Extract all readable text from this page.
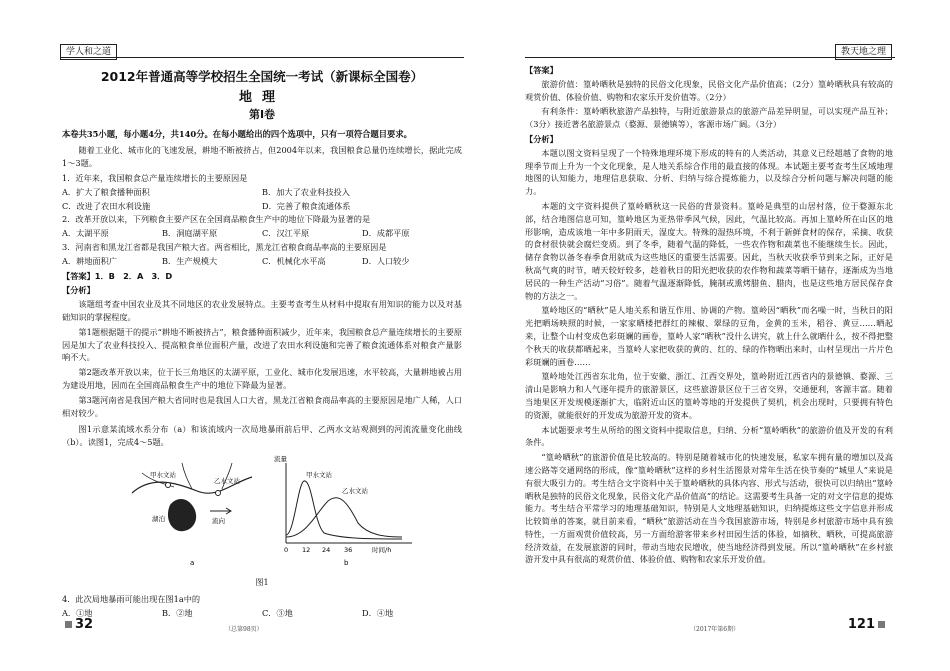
学人和之道	教天地之理
2012年普通高等学校招生全国统一考试（新课标全国卷）
地理
第Ⅰ卷
本卷共35小题，每小题4分，共140分。在每小题给出的四个选项中，只有一项符合题目要求。

随着工业化、城市化的飞速发展，耕地不断被挤占，但2004年以来，我国粮食总量仍连续增长，据此完成1～3题。

1．近年来，我国粮食总产量连续增长的主要原因是
A．扩大了粮食播种面积	B．加大了农业科技投入
C．改进了农田水利设施	D．完善了粮食流通体系
2．改革开放以来，下列粮食主要产区在全国商品粮食生产中的地位下降最为显著的是
A．太湖平原	B．洞庭湖平原	C．汉江平原	D．成都平原
3．河南省和黑龙江省都是我国产粮大省。两省相比，黑龙江省粮食商品率高的主要原因是
A．耕地面积广	B．生产规模大	C．机械化水平高	D．人口较少
【答案】1．B　2．A　3．D
【分析】

该题组考查中国农业及其不同地区的农业发展特点。主要考查考生从材料中提取有用知识的能力以及对基础知识的掌握程度。

第1题根据题干的提示“耕地不断被挤占”，粮食播种面积减少，近年来，我国粮食总产量连续增长的主要原因是加大了农业科技投入、提高粮食单位面积产量，改进了农田水利设施和完善了粮食流通体系对粮食产量影响不大。

第2题改革开放以来，位于长三角地区的太湖平原，工业化、城市化发展迅速，水平较高，大量耕地被占用为建设用地，因而在全国商品粮食生产中的地位下降最为显著。

第3题河南省是我国产粮大省同时也是我国人口大省，黑龙江省粮食商品率高的主要原因是地广人稀，人口相对较少。

图1示意某流域水系分布（a）和该流域内一次局地暴雨前后甲、乙两水文站观测到的河流流量变化曲线（b）。读图1，完成4～5题。

甲水文站
乙水文站
湖泊	流向
a
流量
甲水文站
乙水文站
0 12 24 36	时间/h
b
图1
4．此次局地暴雨可能出现在图1a中的
A．①地	B．②地	C．③地	D．④地
【答案】

旅游价值：篁岭晒秋是独特的民俗文化现象，民俗文化产品价值高；（2分）篁岭晒秋具有较高的观赏价值、体验价值、购物和农家乐开发价值等。（2分）

有利条件：篁岭晒秋旅游产品独特，与附近旅游景点的旅游产品差异明显，可以实现产品互补；（3分）接近著名旅游景点（婺源、景德镇等），客源市场广阔。（3分）

【分析】

本题以图文资料呈现了一个特殊地理环境下形成的特有的人类活动，其意义已经超越了食物的地理季节而上升为一个文化现象，是人地关系综合作用的最直接的体现。本试题主要考查考生区域地理地图的认知能力，地理信息获取、分析、归纳与综合提炼能力，以及综合分析问题与解决问题的能力。

本题的文字资料提供了篁岭晒秋这一民俗的背景资料。篁岭是典型的山居村落，位于婺源东北部，结合地图信息可知，篁岭地区为亚热带季风气候，因此，气温比较高。再加上篁岭所在山区的地形影响，造成该地一年中多阴雨天，湿度大。特殊的湿热环境，不利于新鲜食材的保存，采摘、收获的食材很快就会腐烂变质。到了冬季，随着气温的降低，一些农作物和蔬菜也不能继续生长。因此，储存食物以备冬春季食用就成为这些地区的重要生活需要。因此，当秋天收获季节到来之际，正好是秋高气爽的时节，晴天较好较多，趁着秋日的阳光把收获的农作物和蔬菜等晒干储存，逐渐成为当地居民的一种生产活动“习俗”。随着气温逐渐降低，腌制或熏烤腊鱼、腊肉，也是这些地方居民保存食物的方法之一。

篁岭地区的“晒秋”是人地关系和谐互作用、协调的产物。篁岭因“晒秋”而名噪一时，当秋日的阳光把晒场映照的时候，一家家晒楼把群红的辣椒、翠绿的豆角，金黄的玉米，稻谷、黄豆……晒起来，让整个山村变成色彩斑斓的画卷，篁岭人家“晒秋”没什么讲究，就上什么就晒什么，按不得把整个秋天的收获都晒起来，当篁岭人家把收获的黄的、红的、绿的作物晒出来时，山村呈现出一片片色彩斑斓的画卷……

篁岭地处江西省东北角，位于安徽、浙江、江西交界处，篁岭附近江西省内的景德镇、婺源、三清山是影响力和人气逐年提升的旅游景区，这些旅游景区位于三省交界，交通便利，客源丰富。随着当地果区开发规模逐渐扩大，临附近山区的篁岭等地的开发提供了契机，机会出现时，只要拥有特色的资源，就能很好的开发成为旅游开发的资本。

本试题要求考生从所给的图文资料中提取信息，归纳、分析“篁岭晒秋”的旅游价值及开发的有利条件。

“篁岭晒秋”的旅游价值是比较高的。特别是随着城市化的快速发展，私家车拥有量的增加以及高速公路等交通网络的形成，像“篁岭晒秋”这样的乡村生活图景对常年生活在快节奏的“城里人”来说是有很大吸引力的。考生结合文字资料中关于篁岭晒秋的具体内容、形式与活动，很快可以归纳出“篁岭晒秋是独特的民俗文化现象，民俗文化产品价值高”的结论。这需要考生具备一定的对文字信息的提炼能力。考生结合平常学习的地理基础知识，特别是人文地理基础知识，归纳提炼这些文字信息并形成比较简单的答案，就目前来看，“晒秋”旅游活动在当今我国旅游市场，特别是乡村旅游市场中具有独特性，一方面观赏价值较高，另一方面给游客带来乡村田园生活的体验，如摘秋、晒秋，可提高旅游经济效益，在发展旅游的同时，带动当地农民增收，使当地经济得到发展。所以“篁岭晒秋”在乡村旅游开发中具有很高的观赏价值、体验价值、购物和农家乐开发价值。

32	（总第98页）	（2017年第6期）	121
